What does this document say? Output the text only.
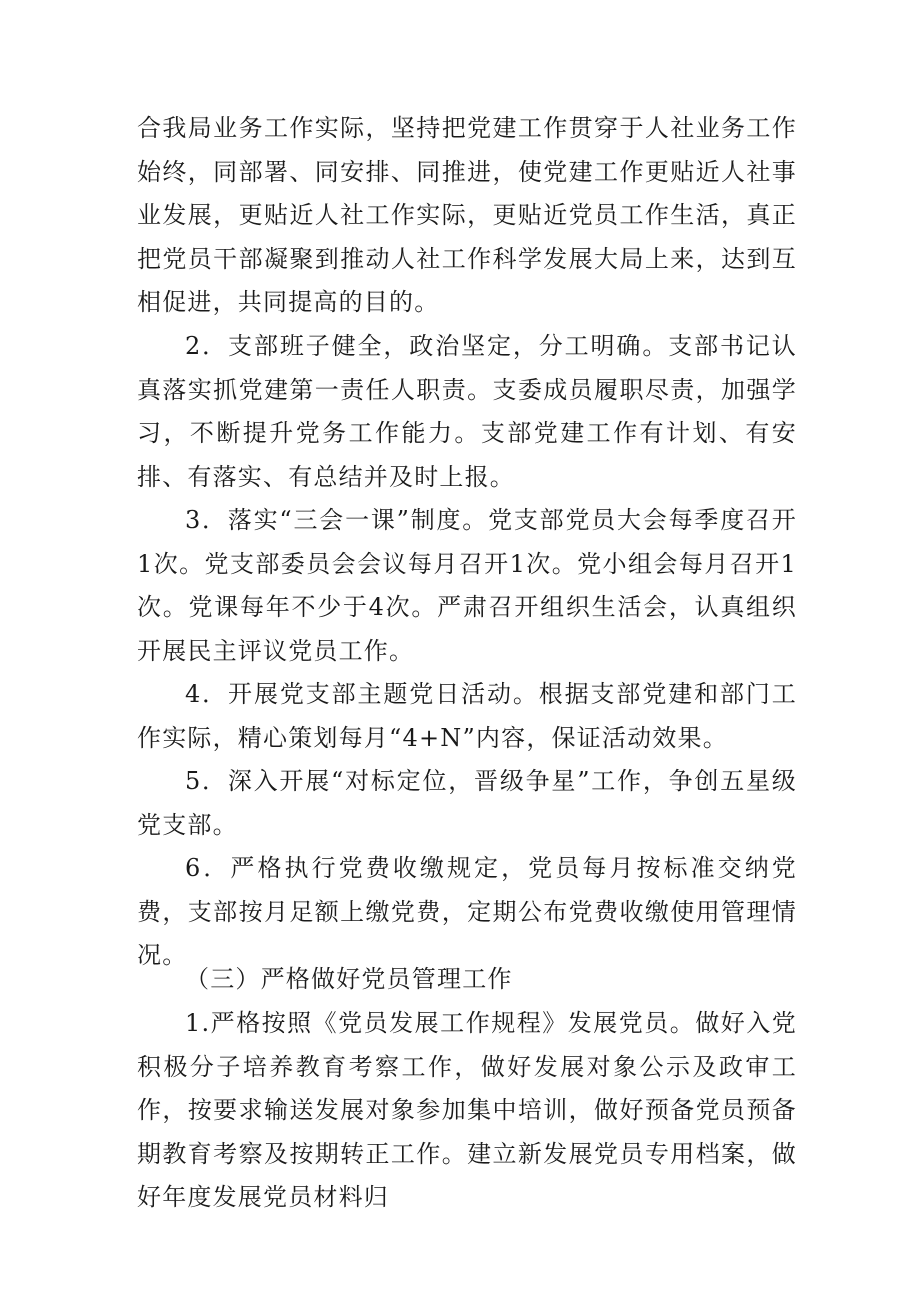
合我局业务工作实际，坚持把党建工作贯穿于人社业务工作始终，同部署、同安排、同推进，使党建工作更贴近人社事业发展，更贴近人社工作实际，更贴近党员工作生活，真正把党员干部凝聚到推动人社工作科学发展大局上来，达到互相促进，共同提高的目的。

2．支部班子健全，政治坚定，分工明确。支部书记认真落实抓党建第一责任人职责。支委成员履职尽责，加强学习，不断提升党务工作能力。支部党建工作有计划、有安排、有落实、有总结并及时上报。

3．落实“三会一课”制度。党支部党员大会每季度召开1次。党支部委员会会议每月召开1次。党小组会每月召开1次。党课每年不少于4次。严肃召开组织生活会，认真组织开展民主评议党员工作。

4．开展党支部主题党日活动。根据支部党建和部门工作实际，精心策划每月“4+N”内容，保证活动效果。

5．深入开展“对标定位，晋级争星”工作，争创五星级党支部。

6．严格执行党费收缴规定，党员每月按标准交纳党费，支部按月足额上缴党费，定期公布党费收缴使用管理情况。

（三）严格做好党员管理工作

1.严格按照《党员发展工作规程》发展党员。做好入党积极分子培养教育考察工作，做好发展对象公示及政审工作，按要求输送发展对象参加集中培训，做好预备党员预备期教育考察及按期转正工作。建立新发展党员专用档案，做好年度发展党员材料归
